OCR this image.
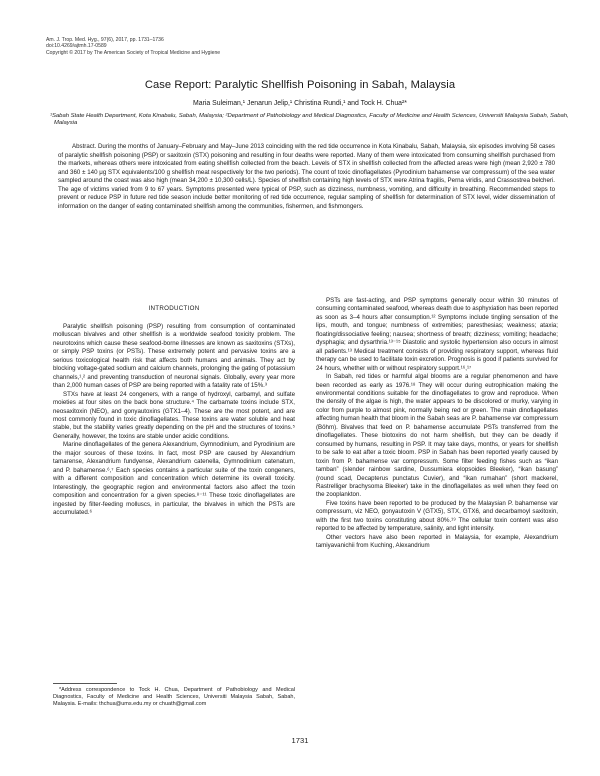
Am. J. Trop. Med. Hyg., 97(6), 2017, pp. 1731–1736
doi:10.4269/ajtmh.17-0589
Copyright © 2017 by The American Society of Tropical Medicine and Hygiene
Case Report: Paralytic Shellfish Poisoning in Sabah, Malaysia
Maria Suleiman,¹ Jenarun Jelip,¹ Christina Rundi,¹ and Tock H. Chua²*
¹Sabah State Health Department, Kota Kinabalu, Sabah, Malaysia; ²Department of Pathobiology and Medical Diagnostics, Faculty of Medicine and Health Sciences, Universiti Malaysia Sabah, Sabah, Malaysia
Abstract. During the months of January–February and May–June 2013 coinciding with the red tide occurrence in Kota Kinabalu, Sabah, Malaysia, six episodes involving 58 cases of paralytic shellfish poisoning (PSP) or saxitoxin (STX) poisoning and resulting in four deaths were reported. Many of them were intoxicated from consuming shellfish purchased from the markets, whereas others were intoxicated from eating shellfish collected from the beach. Levels of STX in shellfish collected from the affected areas were high (mean 2,920 ± 780 and 360 ± 140 μg STX equivalents/100 g shellfish meat respectively for the two periods). The count of toxic dinoflagellates (Pyrodinium bahamense var compressum) of the sea water sampled around the coast was also high (mean 34,200 ± 10,300 cells/L). Species of shellfish containing high levels of STX were Atrina fragilis, Perna viridis, and Crassostrea belcheri. The age of victims varied from 9 to 67 years. Symptoms presented were typical of PSP, such as dizziness, numbness, vomiting, and difficulty in breathing. Recommended steps to prevent or reduce PSP in future red tide season include better monitoring of red tide occurrence, regular sampling of shellfish for determination of STX level, wider dissemination of information on the danger of eating contaminated shellfish among the communities, fishermen, and fishmongers.
INTRODUCTION

Paralytic shellfish poisoning (PSP) resulting from consumption of contaminated molluscan bivalves and other shellfish is a worldwide seafood toxicity problem. The neurotoxins which cause these seafood-borne illnesses are known as saxitoxins (STXs), or simply PSP toxins (or PSTs). These extremely potent and pervasive toxins are a serious toxicological health risk that affects both humans and animals. They act by blocking voltage-gated sodium and calcium channels, prolonging the gating of potassium channels,¹,² and preventing transduction of neuronal signals. Globally, every year more than 2,000 human cases of PSP are being reported with a fatality rate of 15%.³

STXs have at least 24 congeners, with a range of hydroxyl, carbamyl, and sulfate moieties at four sites on the back bone structure.⁴ The carbamate toxins include STX, neosaxitoxin (NEO), and gonyautoxins (GTX1–4). These are the most potent, and are most commonly found in toxic dinoflagellates. These toxins are water soluble and heat stable, but the stability varies greatly depending on the pH and the structures of toxins.⁵ Generally, however, the toxins are stable under acidic conditions.

Marine dinoflagellates of the genera Alexandrium, Gymnodinium, and Pyrodinium are the major sources of these toxins. In fact, most PSP are caused by Alexandrium tamarense, Alexandrium fundyense, Alexandrium catenella, Gymnodinium catenatum, and P. bahamense.⁶,⁷ Each species contains a particular suite of the toxin congeners, with a different composition and concentration which determine its overall toxicity. Interestingly, the geographic region and environmental factors also affect the toxin composition and concentration for a given species.⁸⁻¹¹ These toxic dinoflagellates are ingested by filter-feeding molluscs, in particular, the bivalves in which the PSTs are accumulated.⁶

*Address correspondence to Tock H. Chua, Department of Pathobiology and Medical Diagnostics, Faculty of Medicine and Health Sciences, Universiti Malaysia Sabah, Sabah, Malaysia. E-mails: thchua@ums.edu.my or chuath@gmail.com

PSTs are fast-acting, and PSP symptoms generally occur within 30 minutes of consuming contaminated seafood, whereas death due to asphyxiation has been reported as soon as 3–4 hours after consumption.¹² Symptoms include tingling sensation of the lips, mouth, and tongue; numbness of extremities; paresthesias; weakness; ataxia; floating/dissociative feeling; nausea; shortness of breath; dizziness; vomiting; headache; dysphagia; and dysarthria.¹³⁻¹⁵ Diastolic and systolic hypertension also occurs in almost all patients.¹³ Medical treatment consists of providing respiratory support, whereas fluid therapy can be used to facilitate toxin excretion. Prognosis is good if patients survived for 24 hours, whether with or without respiratory support.¹⁶,¹⁷

In Sabah, red tides or harmful algal blooms are a regular phenomenon and have been recorded as early as 1976.¹⁸ They will occur during eutrophication making the environmental conditions suitable for the dinoflagellates to grow and reproduce. When the density of the algae is high, the water appears to be discolored or murky, varying in color from purple to almost pink, normally being red or green. The main dinoflagellates affecting human health that bloom in the Sabah seas are P. bahamense var compressum (Böhm). Bivalves that feed on P. bahamense accumulate PSTs transferred from the dinoflagellates. These biotoxins do not harm shellfish, but they can be deadly if consumed by humans, resulting in PSP. It may take days, months, or years for shellfish to be safe to eat after a toxic bloom. PSP in Sabah has been reported yearly caused by toxin from P. bahamense var compressum. Some filter feeding fishes such as “ikan tamban” (slender rainbow sardine, Dussumiera elopsoides Bleeker), “ikan basung” (round scad, Decapterus punctatus Cuvier), and “ikan rumahan” (short mackerel, Rastrelliger brachysoma Bleeker) take in the dinoflagellates as well when they feed on the zooplankton.

Five toxins have been reported to be produced by the Malaysian P. bahamense var compressum, viz NEO, gonyautoxin V (GTX5), STX, GTX6, and decarbamoyl saxitoxin, with the first two toxins constituting about 80%.¹⁹ The cellular toxin content was also reported to be affected by temperature, salinity, and light intensity.

Other vectors have also been reported in Malaysia, for example, Alexandrium tamiyavanichii from Kuching, Alexandrium

1731
